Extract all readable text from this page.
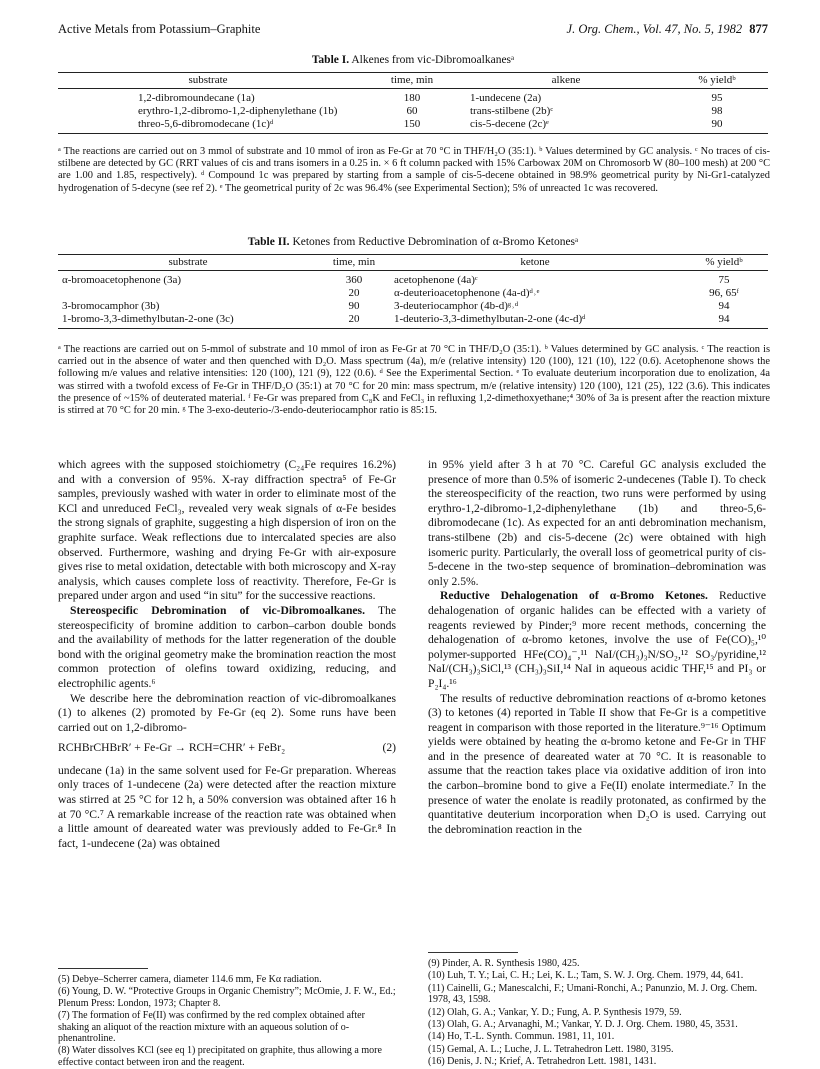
Active Metals from Potassium–Graphite	J. Org. Chem., Vol. 47, No. 5, 1982 877
Table I. Alkenes from vic-Dibromoalkanesᵃ
substrate	time, min	alkene	% yieldᵇ
1,2-dibromoundecane (1a)	180	1-undecene (2a)	95
erythro-1,2-dibromo-1,2-diphenylethane (1b)	60	trans-stilbene (2b)ᶜ	98
threo-5,6-dibromodecane (1c)ᵈ	150	cis-5-decene (2c)ᵉ	90
ᵃ The reactions are carried out on 3 mmol of substrate and 10 mmol of iron as Fe-Gr at 70 °C in THF/H₂O (35:1). ᵇ Values determined by GC analysis. ᶜ No traces of cis-stilbene are detected by GC (RRT values of cis and trans isomers in a 0.25 in. × 6 ft column packed with 15% Carbowax 20M on Chromosorb W (80–100 mesh) at 200 °C are 1.00 and 1.85, respectively). ᵈ Compound 1c was prepared by starting from a sample of cis-5-decene obtained in 98.9% geometrical purity by Ni-Gr1-catalyzed hydrogenation of 5-decyne (see ref 2). ᵉ The geometrical purity of 2c was 96.4% (see Experimental Section); 5% of unreacted 1c was recovered.
Table II. Ketones from Reductive Debromination of α-Bromo Ketonesᵃ
substrate	time, min	ketone	% yieldᵇ
α-bromoacetophenone (3a)	360	acetophenone (4a)ᶜ	75
	20	α-deuterioacetophenone (4a-d)ᵈ˒ᵉ	96, 65ᶠ
3-bromocamphor (3b)	90	3-deuteriocamphor (4b-d)ᵍ˒ᵈ	94
1-bromo-3,3-dimethylbutan-2-one (3c)	20	1-deuterio-3,3-dimethylbutan-2-one (4c-d)ᵈ	94
ᵃ The reactions are carried out on 5-mmol of substrate and 10 mmol of iron as Fe-Gr at 70 °C in THF/D₂O (35:1). ᵇ Values determined by GC analysis. ᶜ The reaction is carried out in the absence of water and then quenched with D₂O. Mass spectrum (4a), m/e (relative intensity) 120 (100), 121 (10), 122 (0.6). Acetophenone shows the following m/e values and relative intensities: 120 (100), 121 (9), 122 (0.6). ᵈ See the Experimental Section. ᵉ To evaluate deuterium incorporation due to enolization, 4a was stirred with a twofold excess of Fe-Gr in THF/D₂O (35:1) at 70 °C for 20 min: mass spectrum, m/e (relative intensity) 120 (100), 121 (25), 122 (3.6). This indicates the presence of ~15% of deuterated material. ᶠ Fe-Gr was prepared from C₈K and FeCl₃ in refluxing 1,2-dimethoxyethane;⁴ 30% of 3a is present after the reaction mixture is stirred at 70 °C for 20 min. ᵍ The 3-exo-deuterio-/3-endo-deuteriocamphor ratio is 85:15.

which agrees with the supposed stoichiometry (C₂₄Fe requires 16.2%) and with a conversion of 95%. X-ray diffraction spectra⁵ of Fe-Gr samples, previously washed with water in order to eliminate most of the KCl and unreduced FeCl₃, revealed very weak signals of α-Fe besides the strong signals of graphite, suggesting a high dispersion of iron on the graphite surface. Weak reflections due to intercalated species are also observed. Furthermore, washing and drying Fe-Gr with air-exposure gives rise to metal oxidation, detectable with both microscopy and X-ray analysis, which causes complete loss of reactivity. Therefore, Fe-Gr is prepared under argon and used “in situ” for the successive reactions.

Stereospecific Debromination of vic-Dibromoalkanes. The stereospecificity of bromine addition to carbon–carbon double bonds and the availability of methods for the latter regeneration of the double bond with the original geometry make the bromination reaction the most common protection of olefins toward oxidizing, reducing, and electrophilic agents.⁶

We describe here the debromination reaction of vic-dibromoalkanes (1) to alkenes (2) promoted by Fe-Gr (eq 2). Some runs have been carried out on 1,2-dibromo-

RCHBrCHBrR′ + Fe-Gr → RCH=CHR′ + FeBr₂	(2)

undecane (1a) in the same solvent used for Fe-Gr preparation. Whereas only traces of 1-undecene (2a) were detected after the reaction mixture was stirred at 25 °C for 12 h, a 50% conversion was obtained after 16 h at 70 °C.⁷ A remarkable increase of the reaction rate was obtained when a little amount of deareated water was previously added to Fe-Gr.⁸ In fact, 1-undecene (2a) was obtained

(5) Debye–Scherrer camera, diameter 114.6 mm, Fe Kα radiation.

(6) Young, D. W. “Protective Groups in Organic Chemistry”; McOmie, J. F. W., Ed.; Plenum Press: London, 1973; Chapter 8.

(7) The formation of Fe(II) was confirmed by the red complex obtained after shaking an aliquot of the reaction mixture with an aqueous solution of o-phenantroline.

(8) Water dissolves KCl (see eq 1) precipitated on graphite, thus allowing a more effective contact between iron and the reagent.

in 95% yield after 3 h at 70 °C. Careful GC analysis excluded the presence of more than 0.5% of isomeric 2-undecenes (Table I). To check the stereospecificity of the reaction, two runs were performed by using erythro-1,2-dibromo-1,2-diphenylethane (1b) and threo-5,6-dibromodecane (1c). As expected for an anti debromination mechanism, trans-stilbene (2b) and cis-5-decene (2c) were obtained with high isomeric purity. Particularly, the overall loss of geometrical purity of cis-5-decene in the two-step sequence of bromination–debromination was only 2.5%.

Reductive Dehalogenation of α-Bromo Ketones. Reductive dehalogenation of organic halides can be effected with a variety of reagents reviewed by Pinder;⁹ more recent methods, concerning the dehalogenation of α-bromo ketones, involve the use of Fe(CO)₅,¹⁰ polymer-supported HFe(CO)₄⁻,¹¹ NaI/(CH₃)₃N/SO₂,¹² SO₃/pyridine,¹² NaI/(CH₃)₃SiCl,¹³ (CH₃)₃SiI,¹⁴ NaI in aqueous acidic THF,¹⁵ and PI₃ or P₂I₄.¹⁶

The results of reductive debromination reactions of α-bromo ketones (3) to ketones (4) reported in Table II show that Fe-Gr is a competitive reagent in comparison with those reported in the literature.⁹⁻¹⁶ Optimum yields were obtained by heating the α-bromo ketone and Fe-Gr in THF and in the presence of deareated water at 70 °C. It is reasonable to assume that the reaction takes place via oxidative addition of iron into the carbon–bromine bond to give a Fe(II) enolate intermediate.⁷ In the presence of water the enolate is readily protonated, as confirmed by the quantitative deuterium incorporation when D₂O is used. Carrying out the debromination reaction in the

(9) Pinder, A. R. Synthesis 1980, 425.

(10) Luh, T. Y.; Lai, C. H.; Lei, K. L.; Tam, S. W. J. Org. Chem. 1979, 44, 641.

(11) Cainelli, G.; Manescalchi, F.; Umani-Ronchi, A.; Panunzio, M. J. Org. Chem. 1978, 43, 1598.

(12) Olah, G. A.; Vankar, Y. D.; Fung, A. P. Synthesis 1979, 59.

(13) Olah, G. A.; Arvanaghi, M.; Vankar, Y. D. J. Org. Chem. 1980, 45, 3531.

(14) Ho, T.-L. Synth. Commun. 1981, 11, 101.

(15) Gemal, A. L.; Luche, J. L. Tetrahedron Lett. 1980, 3195.

(16) Denis, J. N.; Krief, A. Tetrahedron Lett. 1981, 1431.
